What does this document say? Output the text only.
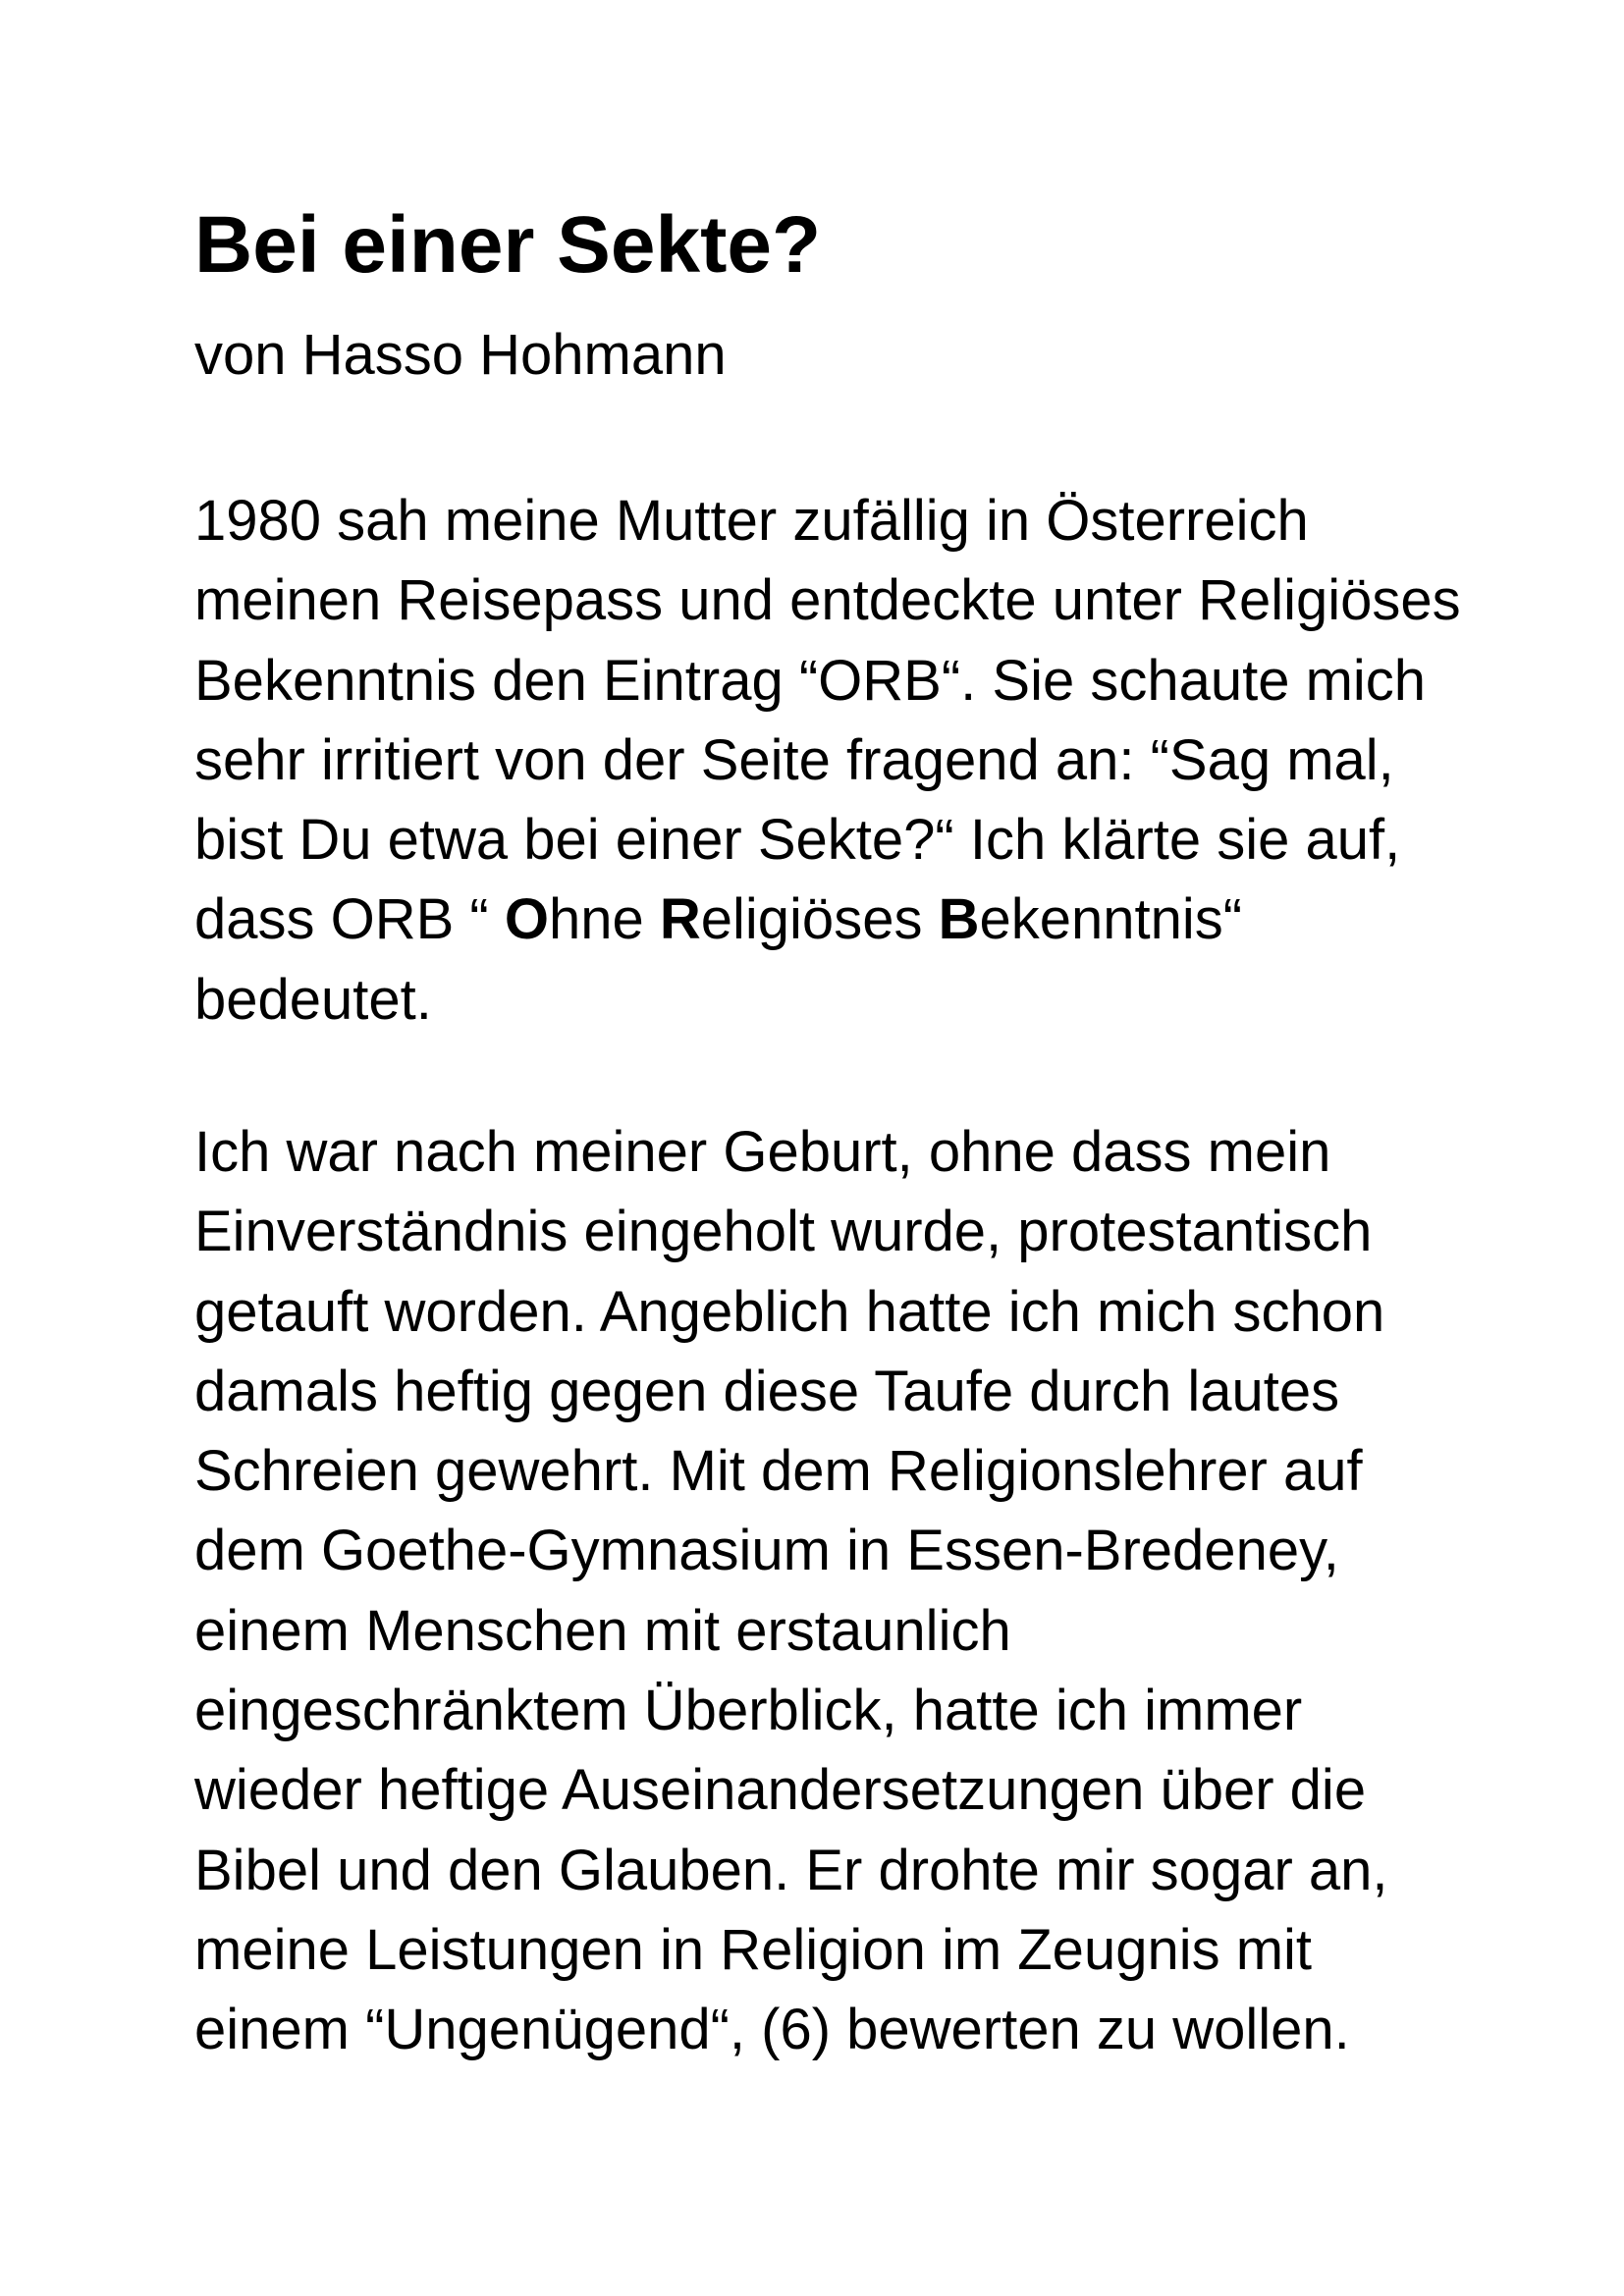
Bei einer Sekte?

von Hasso Hohmann

1980 sah meine Mutter zufällig in Österreich
meinen Reisepass und entdeckte unter Religiöses
Bekenntnis den Eintrag “ORB“. Sie schaute mich
sehr irritiert von der Seite fragend an: “Sag mal,
bist Du etwa bei einer Sekte?“ Ich klärte sie auf,
dass ORB “ Ohne Religiöses Bekenntnis“
bedeutet.

Ich war nach meiner Geburt, ohne dass mein
Einverständnis eingeholt wurde, protestantisch
getauft worden. Angeblich hatte ich mich schon
damals heftig gegen diese Taufe durch lautes
Schreien gewehrt. Mit dem Religionslehrer auf
dem Goethe-Gymnasium in Essen-Bredeney,
einem Menschen mit erstaunlich
eingeschränktem Überblick, hatte ich immer
wieder heftige Auseinandersetzungen über die
Bibel und den Glauben. Er drohte mir sogar an,
meine Leistungen in Religion im Zeugnis mit
einem “Ungenügend“, (6) bewerten zu wollen.
